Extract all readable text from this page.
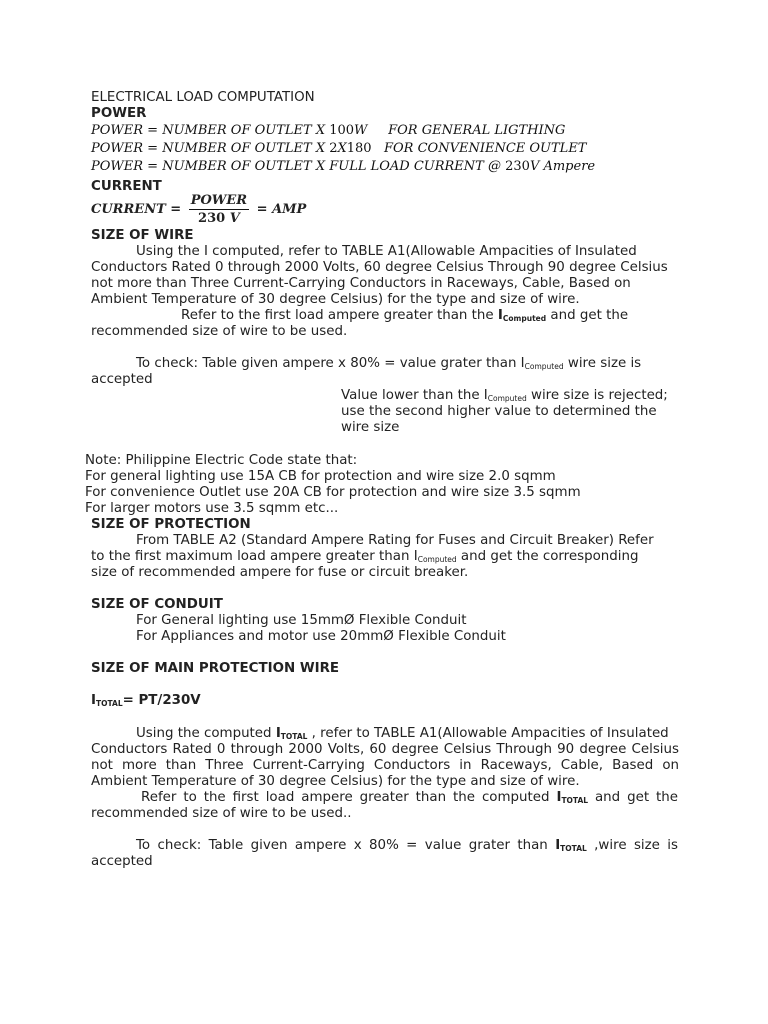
ELECTRICAL LOAD COMPUTATION
POWER
POWER = NUMBER OF OUTLET X 100W FOR GENERAL LIGTHING
POWER = NUMBER OF OUTLET X 2X180 FOR CONVENIENCE OUTLET
POWER = NUMBER OF OUTLET X FULL LOAD CURRENT @ 230V Ampere
CURRENT
CURRENT = $\frac{\text{POWER}}{230 V}$ = AMP
SIZE OF WIRE
Using the I computed, refer to TABLE A1(Allowable Ampacities of Insulated
Conductors Rated 0 through 2000 Volts, 60 degree Celsius Through 90 degree Celsius
not more than Three Current-Carrying Conductors in Raceways, Cable, Based on
Ambient Temperature of 30 degree Celsius) for the type and size of wire.
Refer to the first load ampere greater than the IComputed and get the
recommended size of wire to be used.
To check: Table given ampere x 80% = value grater than $I_{Computed}$ wire size is
accepted
Value lower than the $I_{Computed}$ wire size is rejected;
use the second higher value to determined the
wire size
Note: Philippine Electric Code state that:
For general lighting use 15A CB for protection and wire size 2.0 sqmm
For convenience Outlet use 20A CB for protection and wire size 3.5 sqmm
For larger motors use 3.5 sqmm etc...
SIZE OF PROTECTION
From TABLE A2 (Standard Ampere Rating for Fuses and Circuit Breaker) Refer
to the first maximum load ampere greater than $I_{Computed}$ and get the corresponding
size of recommended ampere for fuse or circuit breaker.
SIZE OF CONDUIT
For General lighting use 15mmØ Flexible Conduit
For Appliances and motor use 20mmØ Flexible Conduit
SIZE OF MAIN PROTECTION WIRE
ITOTAL= PT/230V
Using the computed ITOTAL , refer to TABLE A1(Allowable Ampacities of Insulated
Conductors Rated 0 through 2000 Volts, 60 degree Celsius Through 90 degree Celsius
not more than Three Current-Carrying Conductors in Raceways, Cable, Based on
Ambient Temperature of 30 degree Celsius) for the type and size of wire.
Refer to the first load ampere greater than the computed ITOTAL and get the
recommended size of wire to be used..
To check: Table given ampere x 80% = value grater than ITOTAL ,wire size is
accepted
